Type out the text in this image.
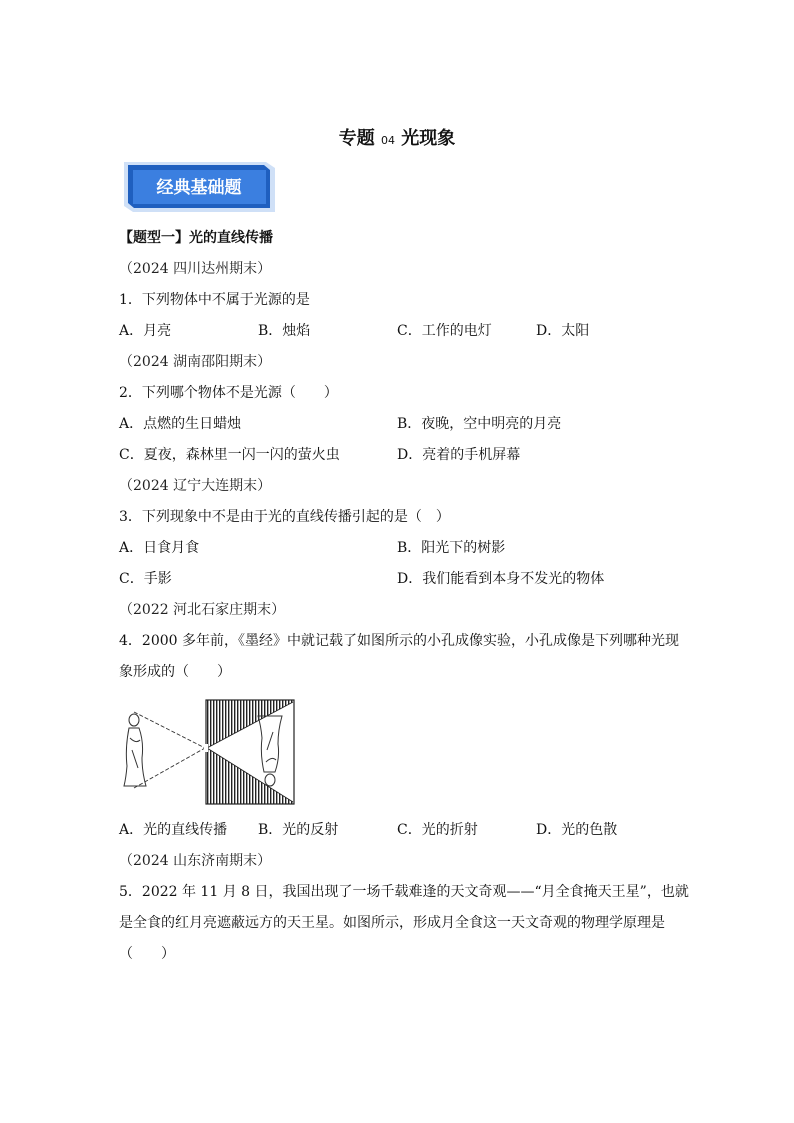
专题 04 光现象
经典基础题
【题型一】光的直线传播
（2024 四川达州期末）
1．下列物体中不属于光源的是
A．月亮	B．烛焰	C．工作的电灯	D．太阳
（2024 湖南邵阳期末）
2．下列哪个物体不是光源（　　）
A．点燃的生日蜡烛	B．夜晚，空中明亮的月亮
C．夏夜，森林里一闪一闪的萤火虫	D．亮着的手机屏幕
（2024 辽宁大连期末）
3．下列现象中不是由于光的直线传播引起的是（　）
A．日食月食	B．阳光下的树影
C．手影	D．我们能看到本身不发光的物体
（2022 河北石家庄期末）
4．2000 多年前，《墨经》中就记载了如图所示的小孔成像实验，小孔成像是下列哪种光现
象形成的（　　）
A．光的直线传播 B．光的反射	C．光的折射	D．光的色散
（2024 山东济南期末）
5．2022 年 11 月 8 日，我国出现了一场千载难逢的天文奇观——“月全食掩天王星”，也就
是全食的红月亮遮蔽远方的天王星。如图所示，形成月全食这一天文奇观的物理学原理是
（　　）
